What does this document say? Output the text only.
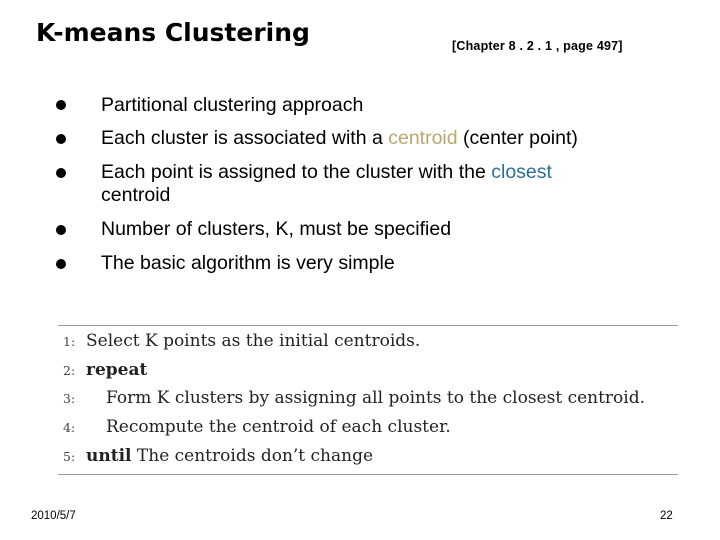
K-means Clustering	[Chapter 8 . 2 . 1 , page 497]
Partitional clustering approach
Each cluster is associated with a centroid (center point)
Each point is assigned to the cluster with the closest centroid
Number of clusters, K, must be specified
The basic algorithm is very simple
1: Select K points as the initial centroids.
2: repeat
3:	Form K clusters by assigning all points to the closest centroid.
4:	Recompute the centroid of each cluster.
5: until The centroids don’t change
2010/5/7	22
